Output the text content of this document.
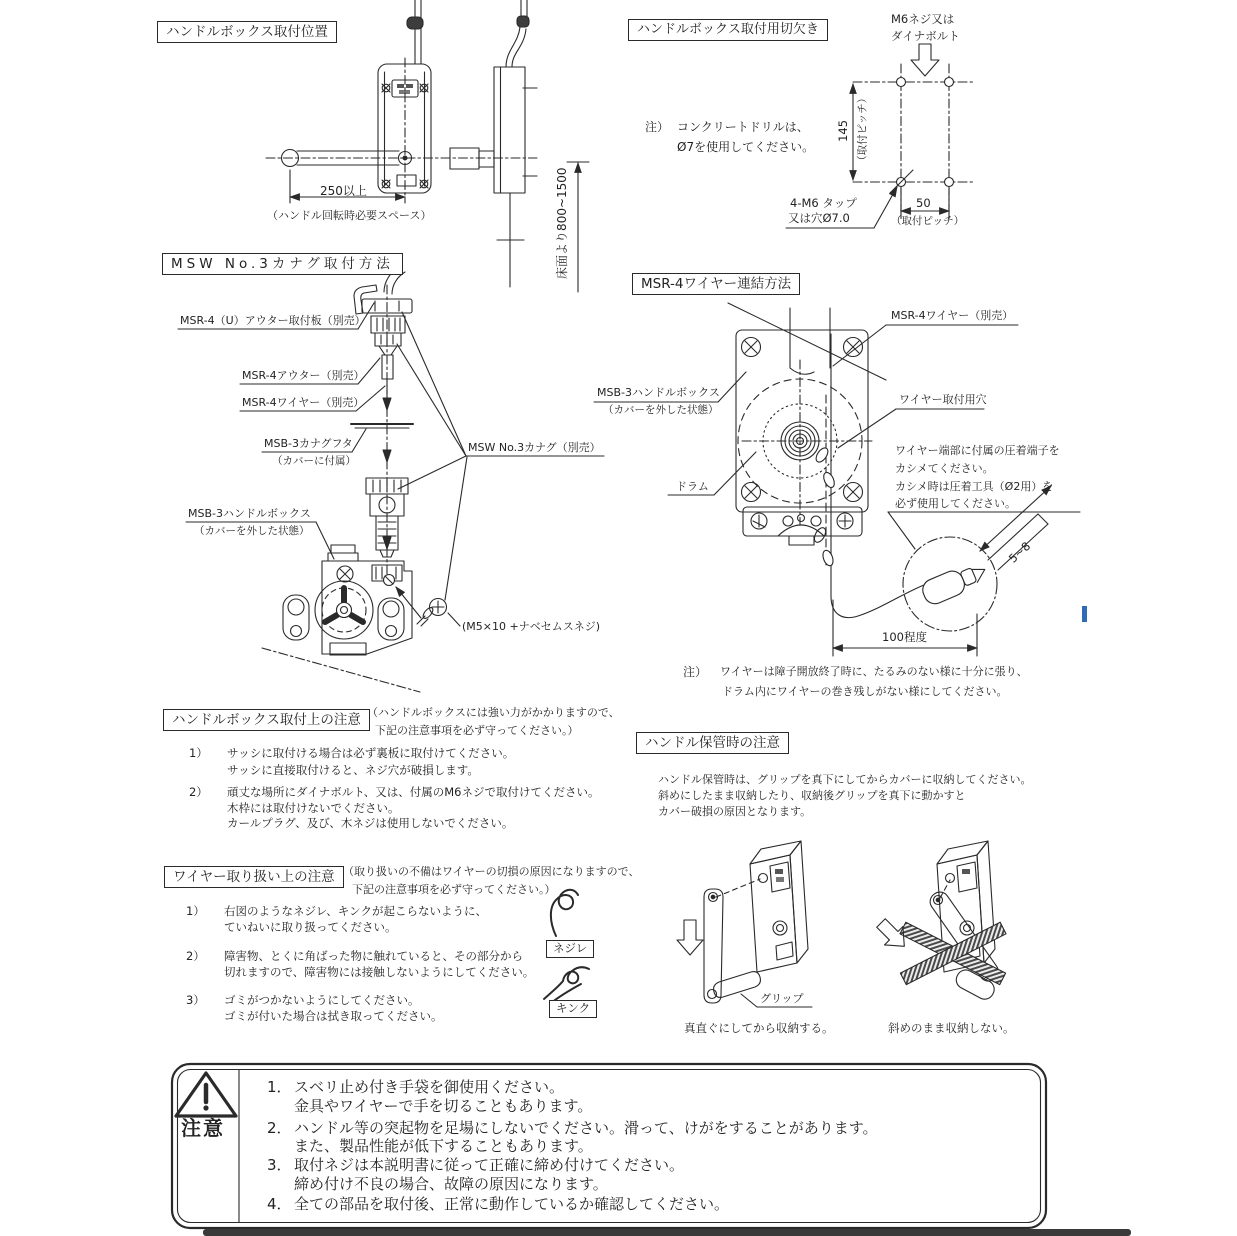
ハンドルボックス取付位置
250以上
（ハンドル回転時必要スペース）	床面より800~1500
ハンドルボックス取付用切欠き
M6ネジ又は
ダイナボルト
注） コンクリートドリルは、
Ø7を使用してください。
145 （取付ピッチ）
4-M6 タップ
又は穴Ø7.0
50
（取付ピッチ）
MSW No.3カナグ取付方法
MSR-4（U）アウター取付板（別売）
MSR-4アウター（別売）
MSR-4ワイヤー（別売）
MSB-3カナグフタ
（カバーに付属）
MSW No.3カナグ（別売）
MSB-3ハンドルボックス
（カバーを外した状態）
(M5×10 +ナベセムスネジ)
MSR-4ワイヤー連結方法
MSR-4ワイヤー（別売）
MSB-3ハンドルボックス
（カバーを外した状態）
ワイヤー取付用穴
ドラム
ワイヤー端部に付属の圧着端子を
カシメてください。
カシメ時は圧着工具（Ø2用）を
必ず使用してください。
5~8
100程度
注） ワイヤーは障子開放終了時に、たるみのない様に十分に張り、
ドラム内にワイヤーの巻き残しがない様にしてください。
ハンドルボックス取付上の注意 （ハンドルボックスには強い力がかかりますので、
下記の注意事項を必ず守ってください。）
1） サッシに取付ける場合は必ず裏板に取付けてください。
サッシに直接取付けると、ネジ穴が破損します。
2） 頑丈な場所にダイナボルト、又は、付属のM6ネジで取付けてください。
木枠には取付けないでください。
カールプラグ、及び、木ネジは使用しないでください。
ワイヤー取り扱い上の注意 （取り扱いの不備はワイヤーの切損の原因になりますので、
下記の注意事項を必ず守ってください。）
1） 右図のようなネジレ、キンクが起こらないように、
ていねいに取り扱ってください。
2） 障害物、とくに角ばった物に触れていると、その部分から
切れますので、障害物には接触しないようにしてください。
3） ゴミがつかないようにしてください。
ゴミが付いた場合は拭き取ってください。
ネジレ
キンク
ハンドル保管時の注意
ハンドル保管時は、グリップを真下にしてからカバーに収納してください。
斜めにしたまま収納したり、収納後グリップを真下に動かすと
カバー破損の原因となります。
グリップ
真直ぐにしてから収納する。	斜めのまま収納しない。
注意
1． スベリ止め付き手袋を御使用ください。
金具やワイヤーで手を切ることもあります。
2． ハンドル等の突起物を足場にしないでください。滑って、けがをすることがあります。
また、製品性能が低下することもあります。
3． 取付ネジは本説明書に従って正確に締め付けてください。
締め付け不良の場合、故障の原因になります。
4． 全ての部品を取付後、正常に動作しているか確認してください。
